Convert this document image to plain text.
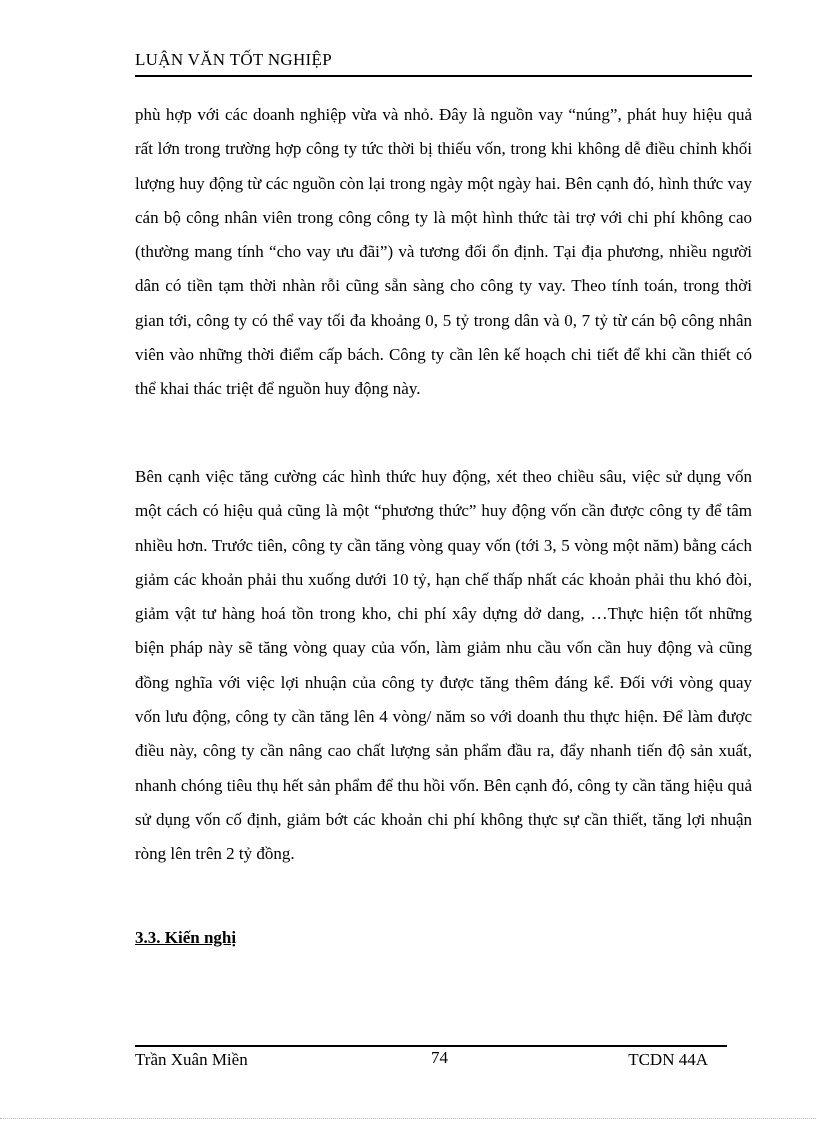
LUẬN VĂN TỐT NGHIỆP

phù hợp với các doanh nghiệp vừa và nhỏ. Đây là nguồn vay “núng”, phát huy hiệu quả rất lớn trong trường hợp công ty tức thời bị thiếu vốn, trong khi không dễ điều chỉnh khối lượng huy động từ các nguồn còn lại trong ngày một ngày hai. Bên cạnh đó, hình thức vay cán bộ công nhân viên trong công công ty là một hình thức tài trợ với chi phí không cao (thường mang tính “cho vay ưu đãi”) và tương đối ổn định. Tại địa phương, nhiều người dân có tiền tạm thời nhàn rỗi cũng sẵn sàng cho công ty vay. Theo tính toán, trong thời gian tới, công ty có thể vay tối đa khoảng 0, 5 tỷ trong dân và 0, 7 tỷ từ cán bộ công nhân viên vào những thời điểm cấp bách. Công ty cần lên kế hoạch chi tiết để khi cần thiết có thể khai thác triệt để nguồn huy động này.

Bên cạnh việc tăng cường các hình thức huy động, xét theo chiều sâu, việc sử dụng vốn một cách có hiệu quả cũng là một “phương thức” huy động vốn cần được công ty để tâm nhiều hơn. Trước tiên, công ty cần tăng vòng quay vốn (tới 3, 5 vòng một năm) bằng cách giảm các khoản phải thu xuống dưới 10 tỷ, hạn chế thấp nhất các khoản phải thu khó đòi, giảm vật tư hàng hoá tồn trong kho, chi phí xây dựng dở dang, …Thực hiện tốt những biện pháp này sẽ tăng vòng quay của vốn, làm giảm nhu cầu vốn cần huy động và cũng đồng nghĩa với việc lợi nhuận của công ty được tăng thêm đáng kể. Đối với vòng quay vốn lưu động, công ty cần tăng lên 4 vòng/ năm so với doanh thu thực hiện. Để làm được điều này, công ty cần nâng cao chất lượng sản phẩm đầu ra, đẩy nhanh tiến độ sản xuất, nhanh chóng tiêu thụ hết sản phẩm để thu hồi vốn. Bên cạnh đó, công ty cần tăng hiệu quả sử dụng vốn cố định, giảm bớt các khoản chi phí không thực sự cần thiết, tăng lợi nhuận ròng lên trên 2 tỷ đồng.

3.3. Kiến nghị
Trần Xuân Miền	74	TCDN 44A
